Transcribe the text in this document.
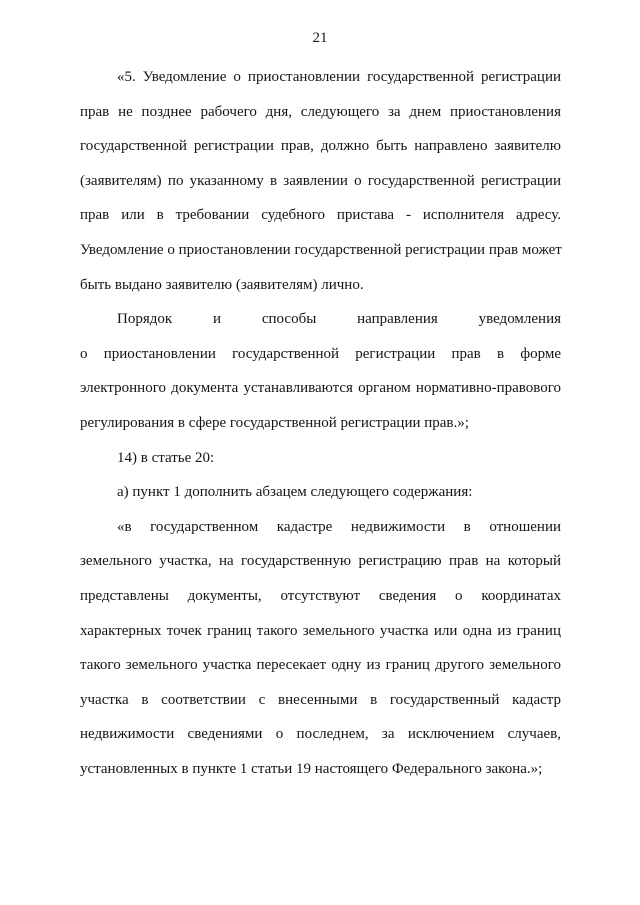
21
«5. Уведомление о приостановлении государственной регистрации
прав не позднее рабочего дня, следующего за днем приостановления
государственной регистрации прав, должно быть направлено заявителю
(заявителям) по указанному в заявлении о государственной регистрации
прав или в требовании судебного пристава - исполнителя адресу.
Уведомление о приостановлении государственной регистрации прав может
быть выдано заявителю (заявителям) лично.
Порядок и способы направления уведомления
о приостановлении государственной регистрации прав в форме
электронного документа устанавливаются органом нормативно-правового
регулирования в сфере государственной регистрации прав.»;
14) в статье 20:
а) пункт 1 дополнить абзацем следующего содержания:
«в государственном кадастре недвижимости в отношении
земельного участка, на государственную регистрацию прав на который
представлены документы, отсутствуют сведения о координатах
характерных точек границ такого земельного участка или одна из границ
такого земельного участка пересекает одну из границ другого земельного
участка в соответствии с внесенными в государственный кадастр
недвижимости сведениями о последнем, за исключением случаев,
установленных в пункте 1 статьи 19 настоящего Федерального закона.»;
